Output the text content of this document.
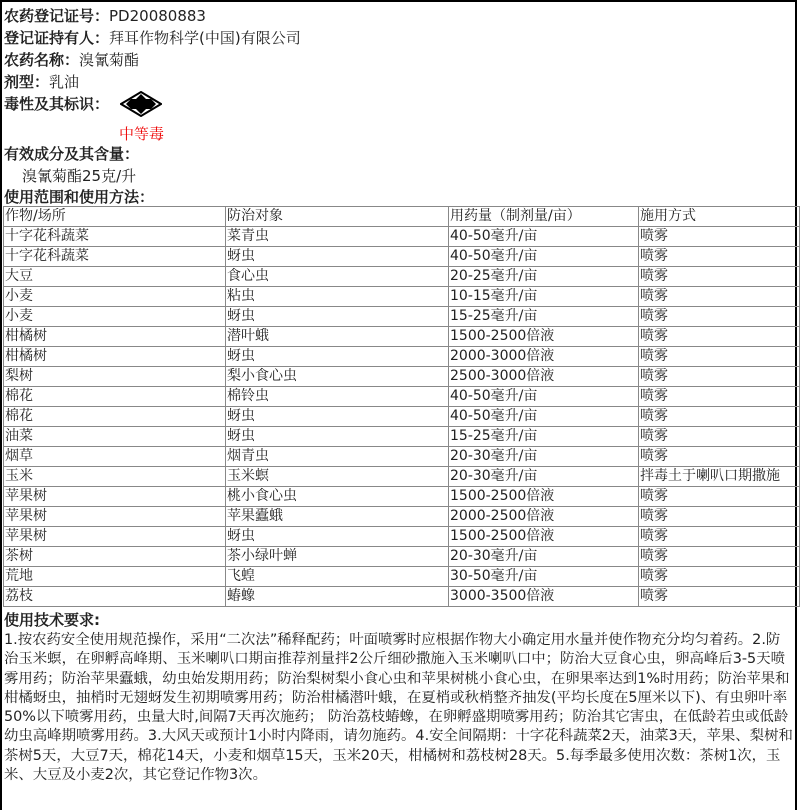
农药登记证号：PD20080883
登记证持有人：拜耳作物科学(中国)有限公司
农药名称：溴氰菊酯
剂型：乳油
毒性及其标识：
中等毒
有效成分及其含量：
溴氰菊酯25克/升
使用范围和使用方法：
作物/场所	防治对象	用药量（制剂量/亩）	施用方式
十字花科蔬菜	菜青虫	40-50毫升/亩	喷雾
十字花科蔬菜	蚜虫	40-50毫升/亩	喷雾
大豆	食心虫	20-25毫升/亩	喷雾
小麦	粘虫	10-15毫升/亩	喷雾
小麦	蚜虫	15-25毫升/亩	喷雾
柑橘树	潜叶蛾	1500-2500倍液	喷雾
柑橘树	蚜虫	2000-3000倍液	喷雾
梨树	梨小食心虫	2500-3000倍液	喷雾
棉花	棉铃虫	40-50毫升/亩	喷雾
棉花	蚜虫	40-50毫升/亩	喷雾
油菜	蚜虫	15-25毫升/亩	喷雾
烟草	烟青虫	20-30毫升/亩	喷雾
玉米	玉米螟	20-30毫升/亩	拌毒土于喇叭口期撒施
苹果树	桃小食心虫	1500-2500倍液	喷雾
苹果树	苹果蠹蛾	2000-2500倍液	喷雾
苹果树	蚜虫	1500-2500倍液	喷雾
茶树	茶小绿叶蝉	20-30毫升/亩	喷雾
荒地	飞蝗	30-50毫升/亩	喷雾
荔枝	蝽蟓	3000-3500倍液	喷雾
使用技术要求:
1.按农药安全使用规范操作，采用“二次法”稀释配药；叶面喷雾时应根据作物大小确定用水量并使作物充分均匀着药。2.防治玉米螟，在卵孵高峰期、玉米喇叭口期亩推荐剂量拌2公斤细砂撒施入玉米喇叭口中；防治大豆食心虫，卵高峰后3-5天喷雾用药；防治苹果蠹蛾，幼虫始发期用药；防治梨树梨小食心虫和苹果树桃小食心虫，在卵果率达到1%时用药；防治苹果和柑橘蚜虫，抽梢时无翅蚜发生初期喷雾用药；防治柑橘潜叶蛾，在夏梢或秋梢整齐抽发(平均长度在5厘米以下)、有虫卵叶率50%以下喷雾用药，虫量大时,间隔7天再次施药； 防治荔枝蝽蟓，在卵孵盛期喷雾用药；防治其它害虫，在低龄若虫或低龄幼虫高峰期喷雾用药。3.大风天或预计1小时内降雨，请勿施药。4.安全间隔期：十字花科蔬菜2天，油菜3天，苹果、梨树和茶树5天，大豆7天，棉花14天，小麦和烟草15天，玉米20天，柑橘树和荔枝树28天。5.每季最多使用次数：茶树1次，玉米、大豆及小麦2次，其它登记作物3次。
